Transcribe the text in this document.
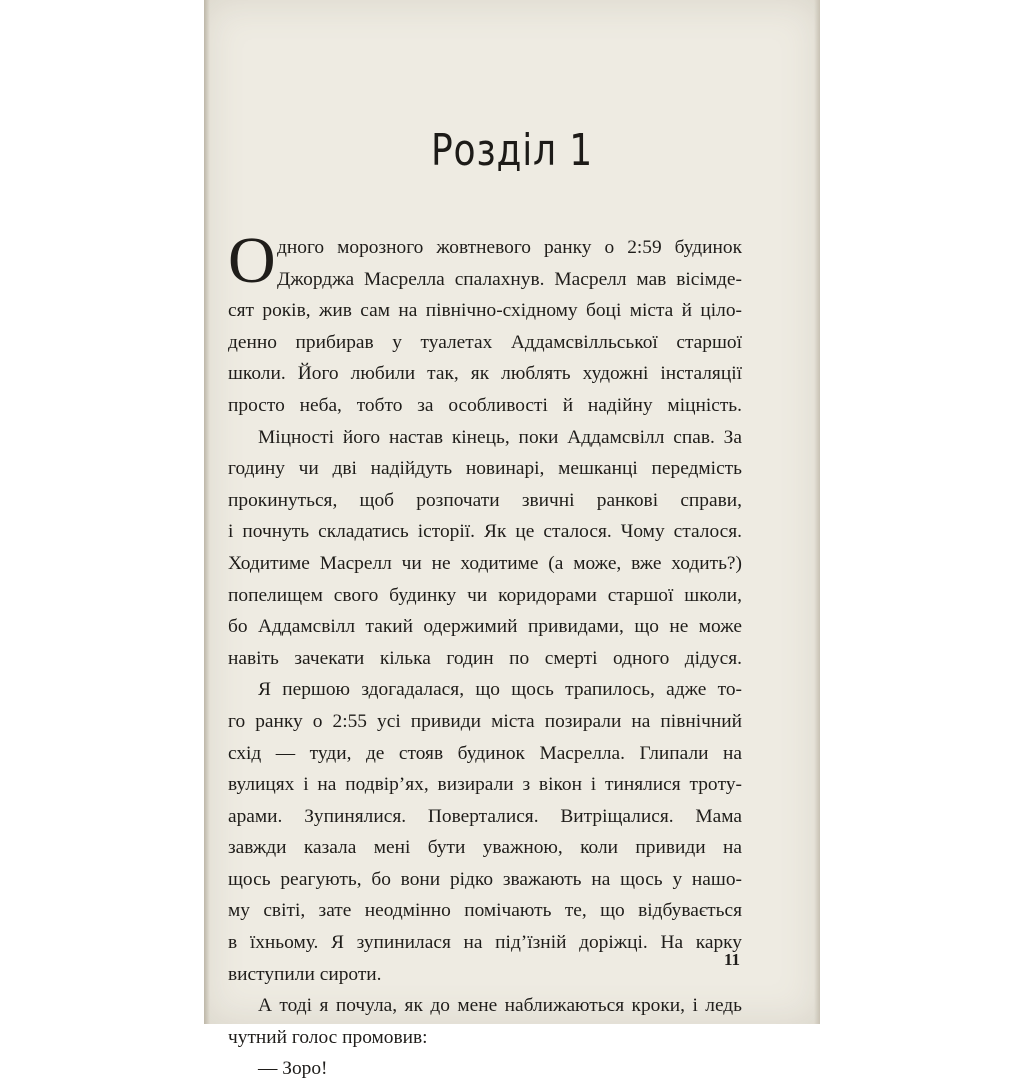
Розділ 1
О дного морозного жовтневого ранку о 2:59 будинок
Джорджа Масрелла спалахнув. Масрелл мав вісімде-
сят років, жив сам на північно-східному боці міста й ціло-
денно прибирав у туалетах Аддамсвілльської старшої
школи. Його любили так, як люблять художні інсталяції
просто неба, тобто за особливості й надійну міцність.
Міцності його настав кінець, поки Аддамсвілл спав. За
годину чи дві надійдуть новинарі, мешканці передмість
прокинуться, щоб розпочати звичні ранкові справи,
і почнуть складатись історії. Як це сталося. Чому сталося.
Ходитиме Масрелл чи не ходитиме (а може, вже ходить?)
попелищем свого будинку чи коридорами старшої школи,
бо Аддамсвілл такий одержимий привидами, що не може
навіть зачекати кілька годин по смерті одного дідуся.
Я першою здогадалася, що щось трапилось, адже то-
го ранку о 2:55 усі привиди міста позирали на північний
схід — туди, де стояв будинок Масрелла. Глипали на
вулицях і на подвір’ях, визирали з вікон і тинялися трoту-
арами. Зупинялися. Поверталися. Витріщалися. Мама
завжди казала мені бути уважною, коли привиди на
щось реагують, бо вони рідко зважають на щось у нашо-
му світі, зате неодмінно помічають те, що відбувається
в їхньому. Я зупинилася на під’їзній доріжці. На карку
виступили сироти.
А тоді я почула, як до мене наближаються кроки, і ледь
чутний голос промовив:
— Зоро!
11
